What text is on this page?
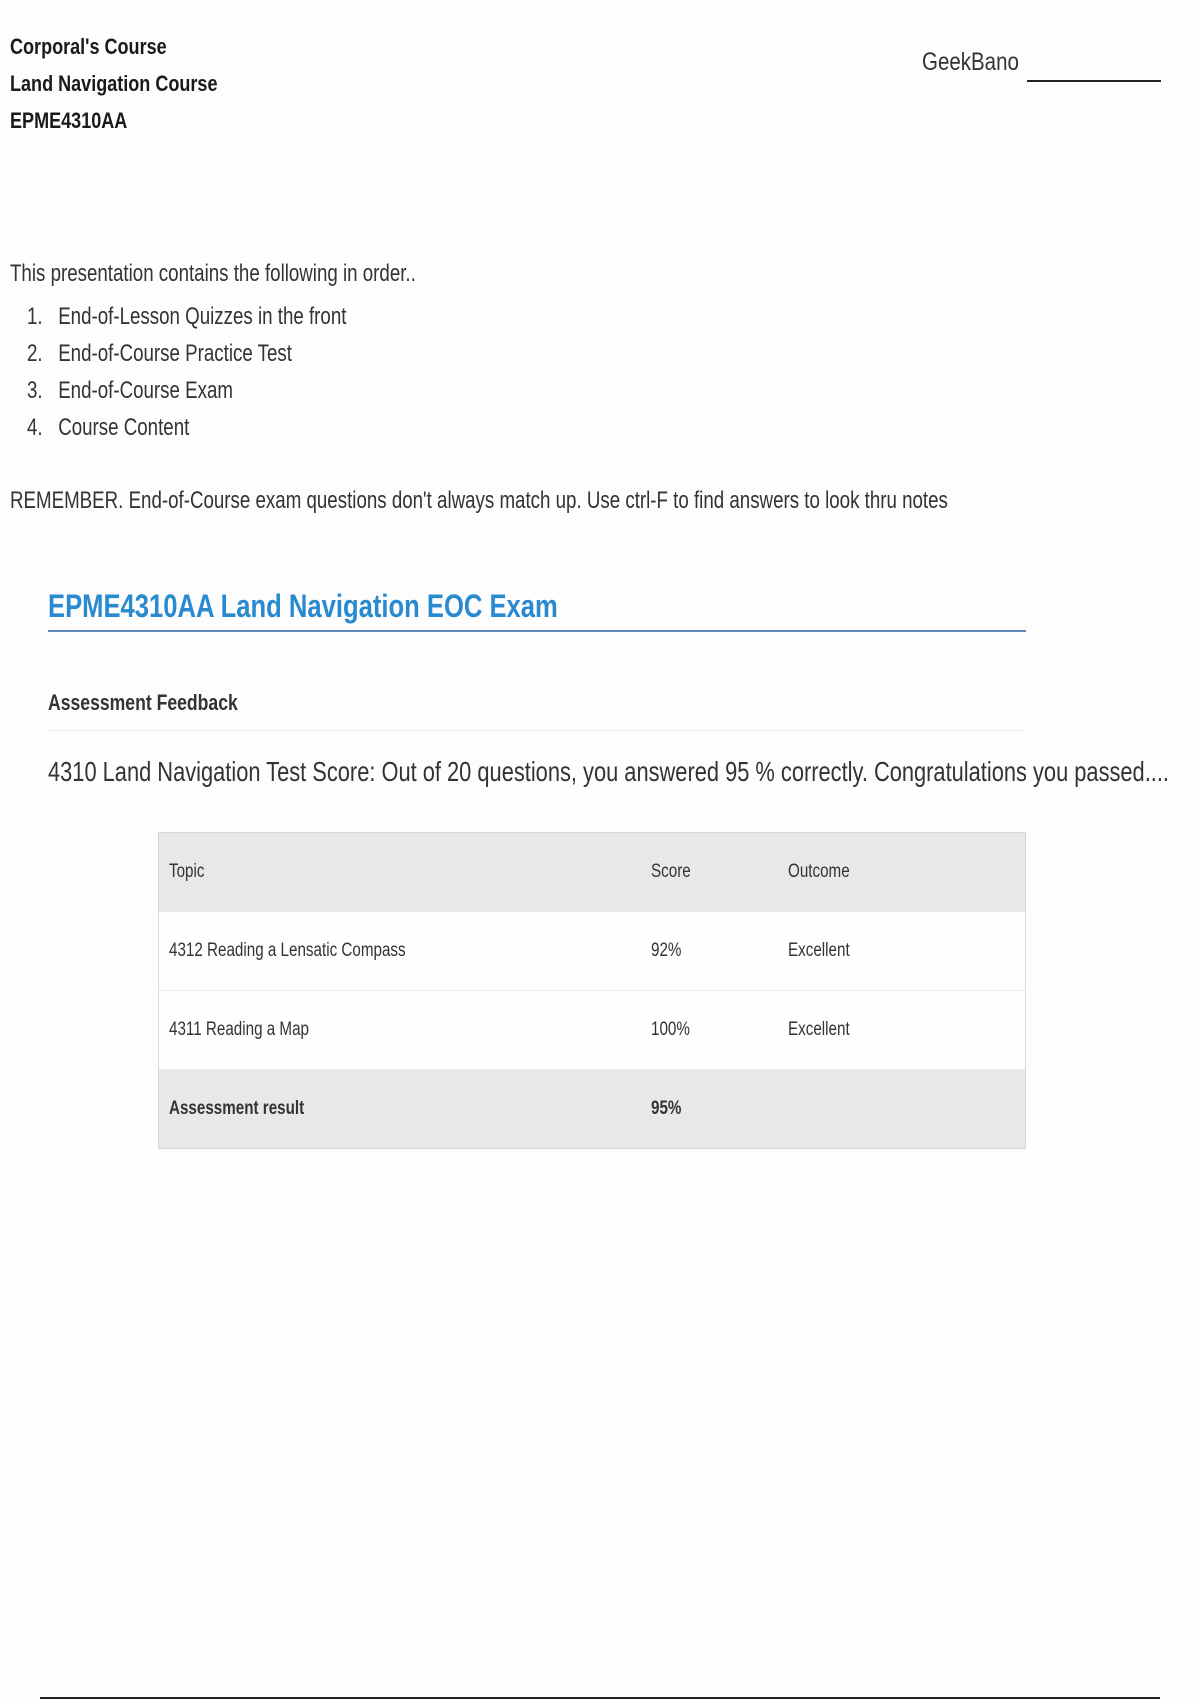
Corporal's Course
Land Navigation Course
EPME4310AA
GeekBano
This presentation contains the following in order..
1. End-of-Lesson Quizzes in the front
2. End-of-Course Practice Test
3. End-of-Course Exam
4. Course Content
REMEMBER. End-of-Course exam questions don't always match up. Use ctrl-F to find answers to look thru notes
EPME4310AA Land Navigation EOC Exam
Assessment Feedback
4310 Land Navigation Test Score: Out of 20 questions, you answered 95 % correctly. Congratulations you passed....
Topic	Score	Outcome
4312 Reading a Lensatic Compass	92%	Excellent
4311 Reading a Map	100%	Excellent
Assessment result	95%	
